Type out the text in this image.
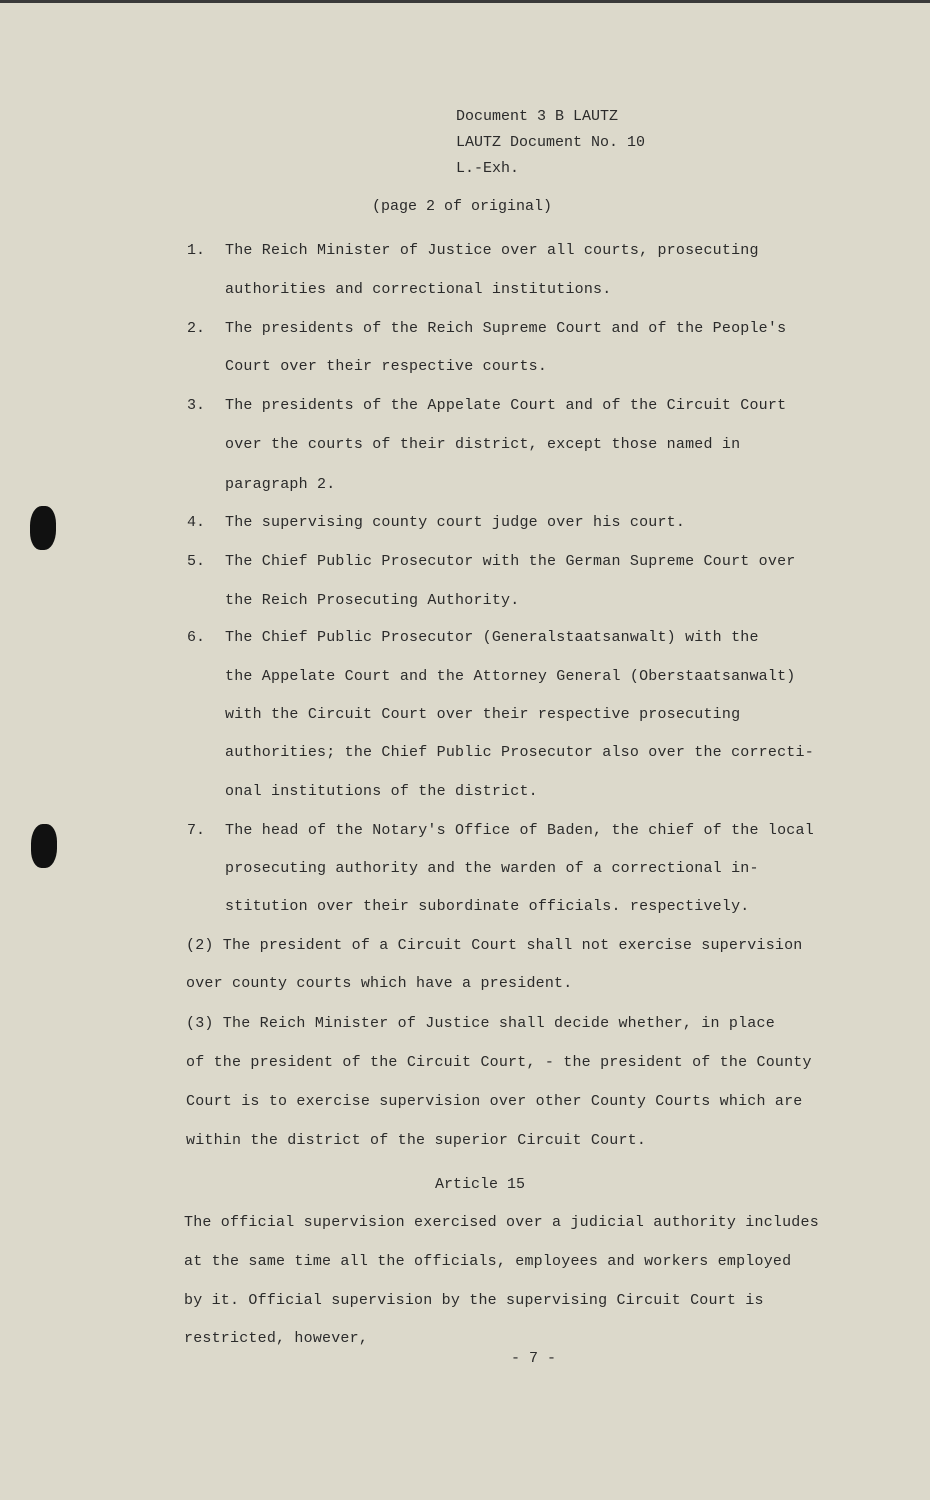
Document 3 B LAUTZ
LAUTZ Document No. 10
L.-Exh.
(page 2 of original)
1. The Reich Minister of Justice over all courts, prosecuting
authorities and correctional institutions.
2. The presidents of the Reich Supreme Court and of the People's
Court over their respective courts.
3. The presidents of the Appelate Court and of the Circuit Court
over the courts of their district, except those named in
paragraph 2.
4. The supervising county court judge over his court.
5. The Chief Public Prosecutor with the German Supreme Court over
the Reich Prosecuting Authority.
6. The Chief Public Prosecutor (Generalstaatsanwalt) with the
the Appelate Court and the Attorney General (Oberstaatsanwalt)
with the Circuit Court over their respective prosecuting
authorities; the Chief Public Prosecutor also over the correcti-
onal institutions of the district.
7. The head of the Notary's Office of Baden, the chief of the local
prosecuting authority and the warden of a correctional in-
stitution over their subordinate officials. respectively.
(2) The president of a Circuit Court shall not exercise supervision
over county courts which have a president.
(3) The Reich Minister of Justice shall decide whether, in place
of the president of the Circuit Court, - the president of the County
Court is to exercise supervision over other County Courts which are
within the district of the superior Circuit Court.
Article 15
The official supervision exercised over a judicial authority includes
at the same time all the officials, employees and workers employed
by it. Official supervision by the supervising Circuit Court is
restricted, however,
- 7 -
